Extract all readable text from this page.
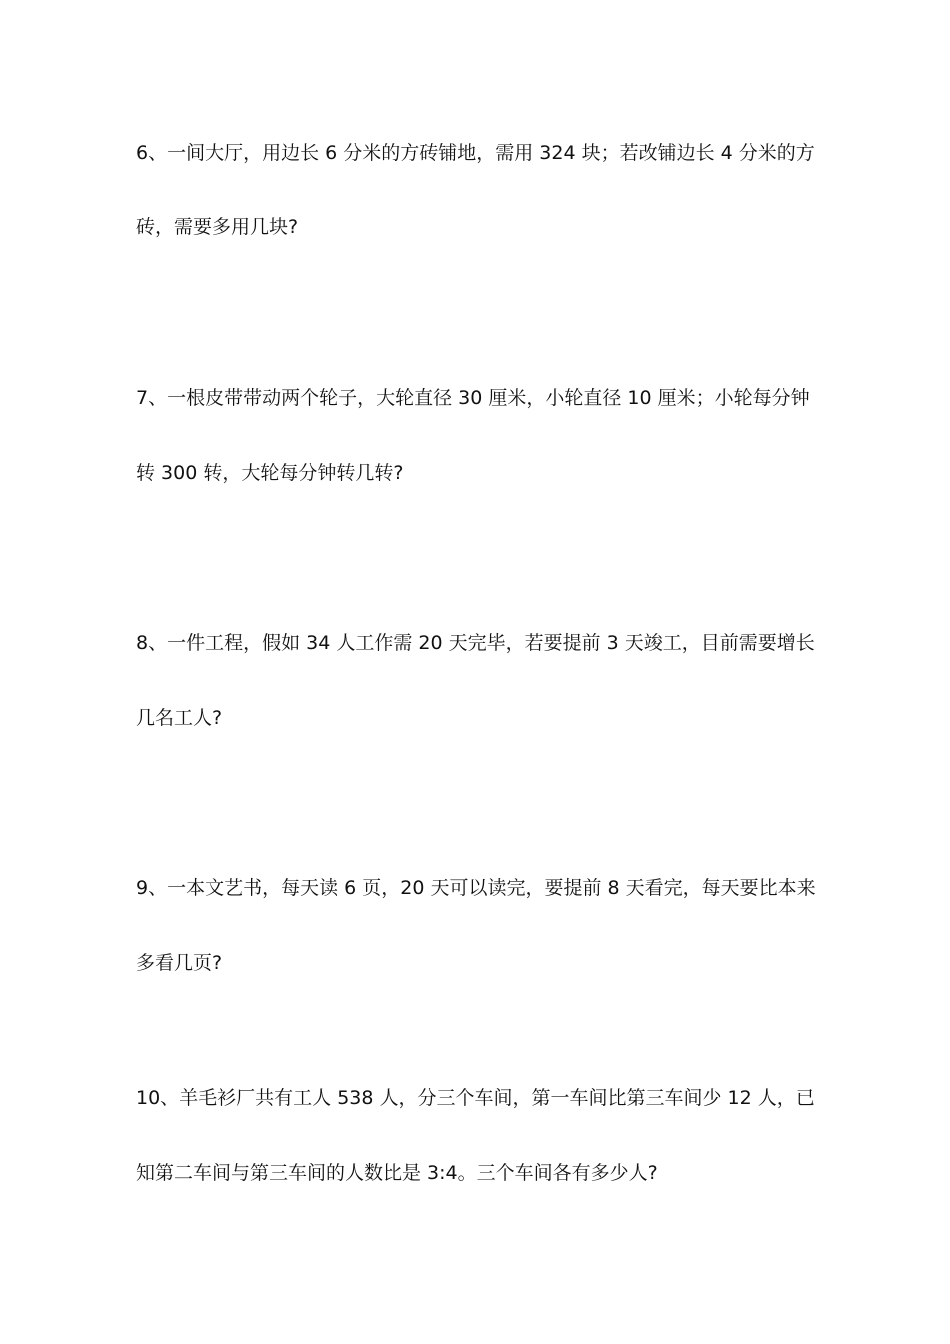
6、一间大厅，用边长 6 分米的方砖铺地，需用 324 块；若改铺边长 4 分米的方
砖，需要多用几块?
7、一根皮带带动两个轮子，大轮直径 30 厘米，小轮直径 10 厘米；小轮每分钟
转 300 转，大轮每分钟转几转?
8、一件工程，假如 34 人工作需 20 天完毕，若要提前 3 天竣工，目前需要增长
几名工人?
9、一本文艺书，每天读 6 页，20 天可以读完，要提前 8 天看完，每天要比本来
多看几页?
10、羊毛衫厂共有工人 538 人，分三个车间，第一车间比第三车间少 12 人，已
知第二车间与第三车间的人数比是 3:4。三个车间各有多少人?
